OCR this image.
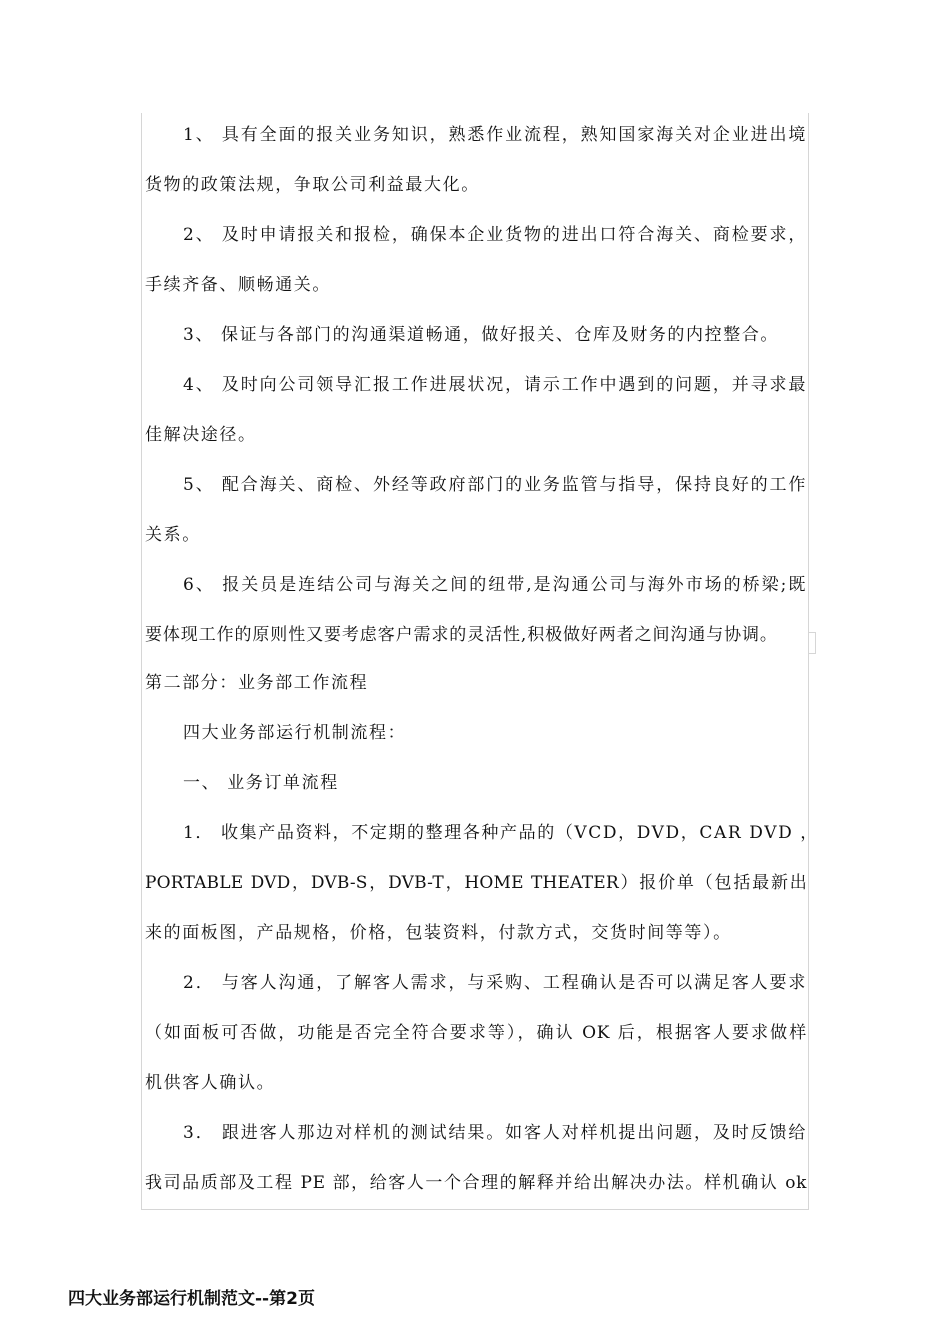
1、 具有全面的报关业务知识，熟悉作业流程，熟知国家海关对企业进出境
货物的政策法规，争取公司利益最大化。
2、 及时申请报关和报检，确保本企业货物的进出口符合海关、商检要求，
手续齐备、顺畅通关。
3、 保证与各部门的沟通渠道畅通，做好报关、仓库及财务的内控整合。
4、 及时向公司领导汇报工作进展状况，请示工作中遇到的问题，并寻求最
佳解决途径。
5、 配合海关、商检、外经等政府部门的业务监管与指导，保持良好的工作
关系。
6、 报关员是连结公司与海关之间的纽带,是沟通公司与海外市场的桥梁;既
要体现工作的原则性又要考虑客户需求的灵活性,积极做好两者之间沟通与协调。
第二部分：业务部工作流程
四大业务部运行机制流程：
一、 业务订单流程
1． 收集产品资料，不定期的整理各种产品的（VCD，DVD，CAR DVD ，
PORTABLE DVD，DVB-S，DVB-T，HOME THEATER）报价单（包括最新出
来的面板图，产品规格，价格，包装资料，付款方式，交货时间等等）。
2． 与客人沟通，了解客人需求，与采购、工程确认是否可以满足客人要求
（如面板可否做，功能是否完全符合要求等），确认 OK 后，根据客人要求做样
机供客人确认。
3． 跟进客人那边对样机的测试结果。如客人对样机提出问题，及时反馈给
我司品质部及工程 PE 部，给客人一个合理的解释并给出解决办法。样机确认 ok
四大业务部运行机制范文--第2页
